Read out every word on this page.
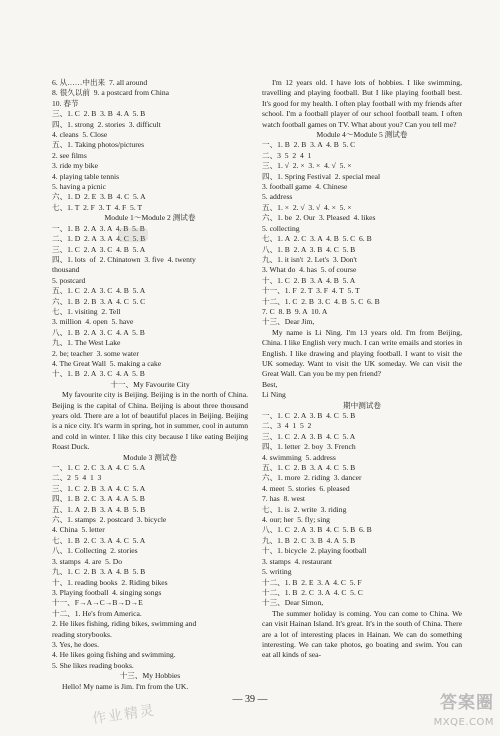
6. 从……中出来  7. all around
8. 很久以前  9. a postcard from China
10. 春节
三、1. C  2. B  3. B  4. A  5. B
四、1. strong  2. stories  3. difficult
4. cleans  5. Close
五、1. Taking photos/pictures
2. see films
3. ride my bike
4. playing table tennis
5. having a picnic
六、1. D  2. E  3. B  4. C  5. A
七、1. T  2. F  3. T  4. F  5. T
Module 1～Module 2 测试卷
一、1. B  2. A  3. A  4. B  5. B
二、1. D  2. A  3. A  4. C  5. B
三、1. C  2. A  3. C  4. B  5. A
四、1. lots  of  2. Chinatown  3. five  4. twenty
thousand
5. postcard
五、1. C  2. A  3. C  4. B  5. A
六、1. B  2. B  3. A  4. C  5. C
七、1. visiting  2. Tell
3. million  4. open  5. have
八、1. B  2. A  3. C  4. A  5. B
九、1. The West Lake
2. be; teacher  3. some water
4. The Great Wall  5. making a cake
十、1. B  2. A  3. C  4. A  5. B
十一、My Favourite City
My favourite city is Beijing. Beijing is in the north of China. Beijing is the capital of China. Beijing is about three thousand years old. There are a lot of beautiful places in Beijing. Beijing is a nice city. It's warm in spring, hot in summer, cool in autumn and cold in winter. I like this city because I like eating Beijing Roast Duck.
Module 3 测试卷
一、1. C  2. C  3. A  4. C  5. A
二、2  5  4  1  3
三、1. C  2. B  3. A  4. C  5. A
四、1. B  2. C  3. A  4. A  5. B
五、1. A  2. B  3. A  4. B  5. B
六、1. stamps  2. postcard  3. bicycle
4. China  5. letter
七、1. B  2. C  3. A  4. C  5. A
八、1. Collecting  2. stories
3. stamps  4. are  5. Do
九、1. C  2. B  3. A  4. B  5. B
十、1. reading books  2. Riding bikes
3. Playing football  4. singing songs
十一、F→A→C→B→D→E
十二、1. He's from America.
2. He likes fishing, riding bikes, swimming and
reading storybooks.
3. Yes, he does.
4. He likes going fishing and swimming.
5. She likes reading books.
十三、My Hobbies
Hello! My name is Jim. I'm from the UK.
I'm 12 years old. I have lots of hobbies. I like swimming, travelling and playing football. But I like playing football best. It's good for my health. I often play football with my friends after school. I'm a football player of our school football team. I often watch football games on TV. What about you? Can you tell me?
Module 4～Module 5 测试卷
一、1. B  2. B  3. A  4. B  5. C
二、3  5  2  4  1
三、1. √  2. ×  3. ×  4. √  5. ×
四、1. Spring Festival  2. special meal
3. football game  4. Chinese
5. address
五、1. ×  2. √  3. √  4. ×  5. ×
六、1. be  2. Our  3. Pleased  4. likes
5. collecting
七、1. A  2. C  3. A  4. B  5. C  6. B
八、1. B  2. A  3. B  4. C  5. B
九、1. it isn't  2. Let's  3. Don't
3. What do  4. has  5. of course
十、1. C  2. B  3. A  4. B  5. A
十一、1. F  2. T  3. F  4. T  5. T
十二、1. C  2. B  3. C  4. B  5. C  6. B
7. C  8. B  9. A  10. A
十三、Dear Jim,
My name is Li Ning. I'm 13 years old. I'm from Beijing, China. I like English very much. I can write emails and stories in English. I like drawing and playing football. I want to visit the UK someday. Want to visit the UK someday. We can visit the Great Wall. Can you be my pen friend?
Best,
Li Ning
期中测试卷
一、1. C  2. A  3. B  4. C  5. B
二、3  4  1  5  2
三、1. C  2. A  3. B  4. C  5. A
四、1. letter  2. boy  3. French
4. swimming  5. address
五、1. C  2. B  3. A  4. C  5. B
六、1. more  2. riding  3. dancer
4. meet  5. stories  6. pleased
7. has  8. west
七、1. is  2. write  3. riding
4. our; her  5. fly; sing
八、1. C  2. A  3. B  4. C  5. B  6. B
九、1. B  2. C  3. B  4. A  5. B
十、1. bicycle  2. playing football
3. stamps  4. restaurant
5. writing
十二、1. B  2. E  3. A  4. C  5. F
十二、1. B  2. C  3. A  4. C  5. C
十三、Dear Simon,
The summer holiday is coming. You can come to China. We can visit Hainan Island. It's great. It's in the south of China. There are a lot of interesting places in Hainan. We can do something interesting. We can take photos, go boating and swim. You can eat all kinds of sea-
— 39 —
作业精灵	答案圈
MXQE.COM
